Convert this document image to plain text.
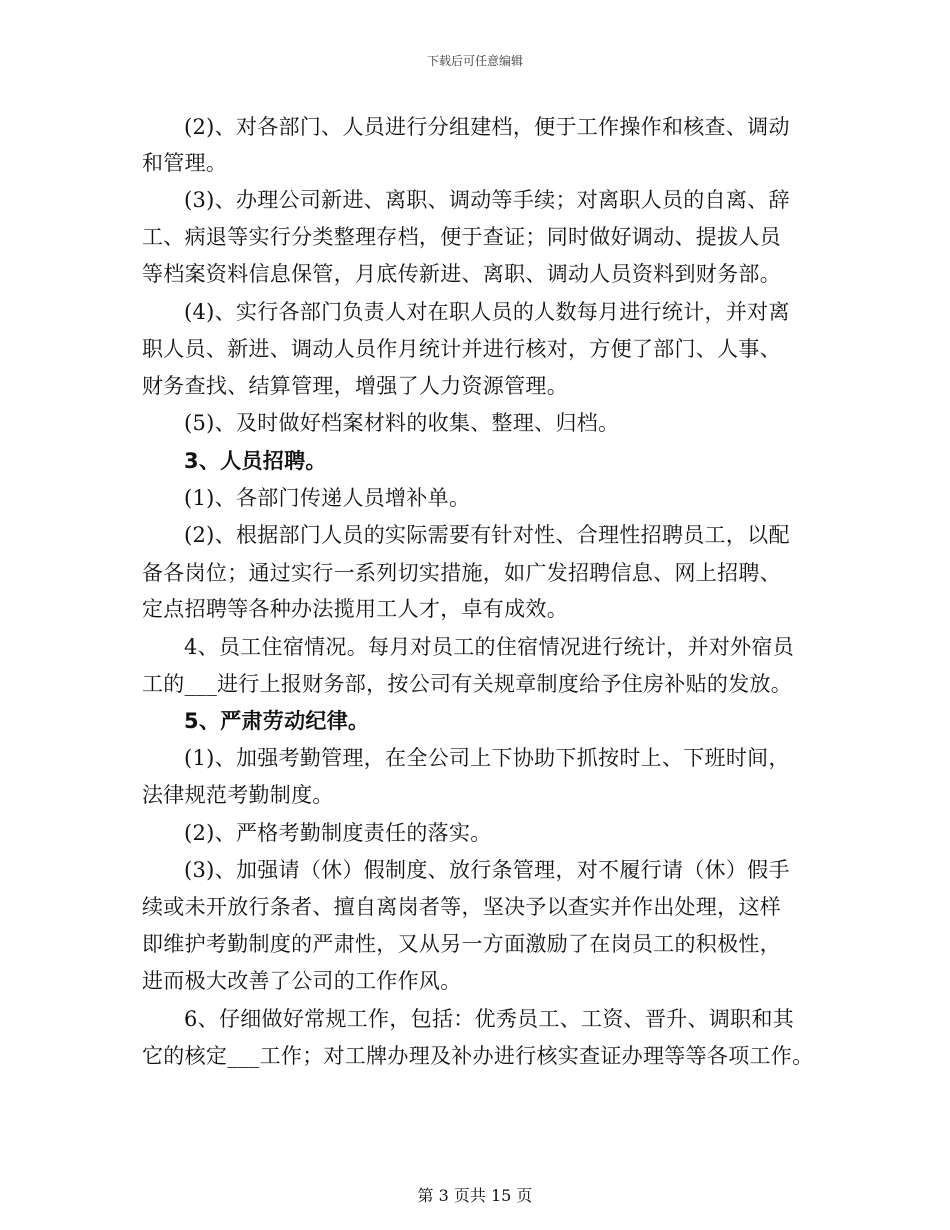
下载后可任意编辑
(2)、对各部门、人员进行分组建档，便于工作操作和核查、调动
和管理。
(3)、办理公司新进、离职、调动等手续；对离职人员的自离、辞
工、病退等实行分类整理存档，便于查证；同时做好调动、提拔人员
等档案资料信息保管，月底传新进、离职、调动人员资料到财务部。
(4)、实行各部门负责人对在职人员的人数每月进行统计，并对离
职人员、新进、调动人员作月统计并进行核对，方便了部门、人事、
财务查找、结算管理，增强了人力资源管理。
(5)、及时做好档案材料的收集、整理、归档。
3、人员招聘。
(1)、各部门传递人员增补单。
(2)、根据部门人员的实际需要有针对性、合理性招聘员工，以配
备各岗位；通过实行一系列切实措施，如广发招聘信息、网上招聘、
定点招聘等各种办法揽用工人才，卓有成效。
4、员工住宿情况。每月对员工的住宿情况进行统计，并对外宿员
工的___进行上报财务部，按公司有关规章制度给予住房补贴的发放。
5、严肃劳动纪律。
(1)、加强考勤管理，在全公司上下协助下抓按时上、下班时间，
法律规范考勤制度。
(2)、严格考勤制度责任的落实。
(3)、加强请（休）假制度、放行条管理，对不履行请（休）假手
续或未开放行条者、擅自离岗者等，坚决予以查实并作出处理，这样
即维护考勤制度的严肃性，又从另一方面激励了在岗员工的积极性，
进而极大改善了公司的工作作风。
6、仔细做好常规工作，包括：优秀员工、工资、晋升、调职和其
它的核定___工作；对工牌办理及补办进行核实查证办理等等各项工作。
第 3 页共 15 页
